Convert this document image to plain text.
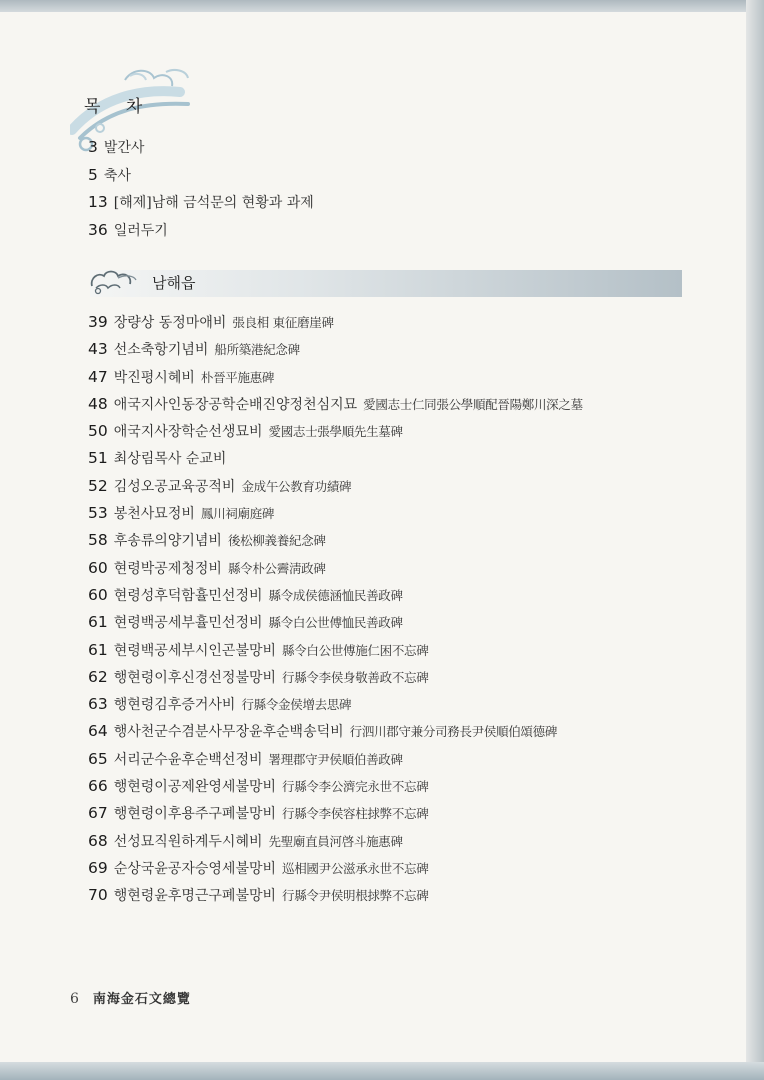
목 차
3 발간사
5 축사
13 [해제]남해 금석문의 현황과 과제
36 일러두기
남해읍
39 장량상 동정마애비 張良相 東征磨崖碑
43 선소축항기념비 船所築港紀念碑
47 박진평시혜비 朴晉平施惠碑
48 애국지사인동장공학순배진양정천심지묘 愛國志士仁同張公學順配晉陽鄭川深之墓
50 애국지사장학순선생묘비 愛國志士張學順先生墓碑
51 최상림목사 순교비
52 김성오공교육공적비 金成午公教育功績碑
53 봉천사묘정비 鳳川祠廟庭碑
58 후송류의양기념비 後松柳義養紀念碑
60 현령박공제청정비 縣令朴公霽淸政碑
60 현령성후덕함휼민선정비 縣令成侯德涵恤民善政碑
61 현령백공세부휼민선정비 縣令白公世傅恤民善政碑
61 현령백공세부시인곤불망비 縣令白公世傅施仁困不忘碑
62 행현령이후신경선정불망비 行縣令李侯身敬善政不忘碑
63 행현령김후증거사비 行縣令金侯增去思碑
64 행사천군수겸분사무장윤후순백송덕비 行泗川郡守兼分司務長尹侯順伯頌德碑
65 서리군수윤후순백선정비 署理郡守尹侯順伯善政碑
66 행현령이공제완영세불망비 行縣令李公濟完永世不忘碑
67 행현령이후용주구폐불망비 行縣令李侯容柱捄弊不忘碑
68 선성묘직원하계두시혜비 先聖廟直員河啓斗施惠碑
69 순상국윤공자승영세불망비 巡相國尹公滋承永世不忘碑
70 행현령윤후명근구폐불망비 行縣令尹侯明根捄弊不忘碑
6 南海金石文總覽
